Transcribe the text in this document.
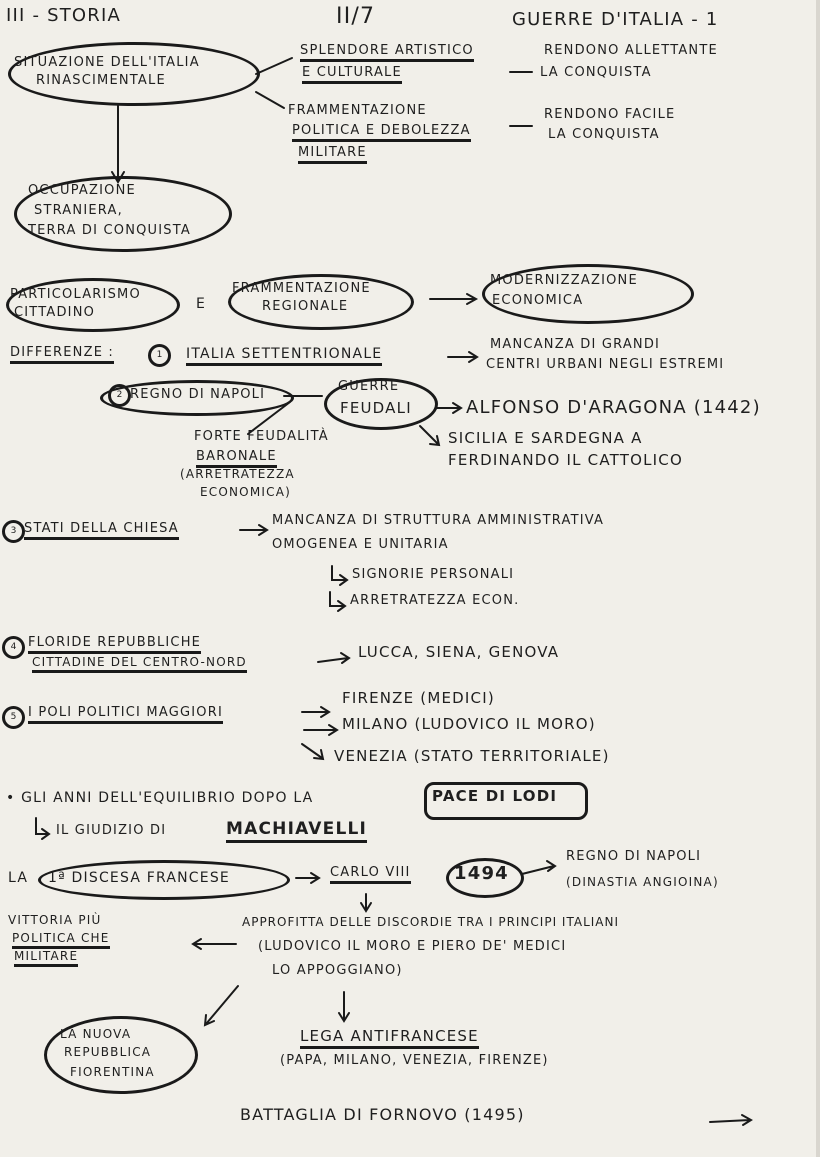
III - STORIA	II/7	GUERRE D'ITALIA - 1
SITUAZIONE DELL'ITALIA
RINASCIMENTALE
SPLENDORE ARTISTICO
E CULTURALE
RENDONO ALLETTANTE
LA CONQUISTA
FRAMMENTAZIONE
POLITICA E DEBOLEZZA
MILITARE
RENDONO FACILE
LA CONQUISTA
OCCUPAZIONE
STRANIERA,
TERRA DI CONQUISTA
PARTICOLARISMO
CITTADINO
E
FRAMMENTAZIONE
REGIONALE
MODERNIZZAZIONE
ECONOMICA
DIFFERENZE :	1	ITALIA SETTENTRIONALE
MANCANZA DI GRANDI
CENTRI URBANI NEGLI ESTREMI
2 REGNO DI NAPOLI
GUERRE
FEUDALI	ALFONSO D'ARAGONA (1442)
FORTE FEUDALITÀ
BARONALE
(ARRETRATEZZA
ECONOMICA)
SICILIA E SARDEGNA A
FERDINANDO IL CATTOLICO
3 STATI DELLA CHIESA
MANCANZA DI STRUTTURA AMMINISTRATIVA
OMOGENEA E UNITARIA
SIGNORIE PERSONALI
ARRETRATEZZA ECON.
4 FLORIDE REPUBBLICHE
CITTADINE DEL CENTRO-NORD
LUCCA, SIENA, GENOVA
5 I POLI POLITICI MAGGIORI
FIRENZE (MEDICI)
MILANO (LUDOVICO IL MORO)
VENEZIA (STATO TERRITORIALE)
• GLI ANNI DELL'EQUILIBRIO DOPO LA	PACE DI LODI
IL GIUDIZIO DI	MACHIAVELLI
LA 1ª DISCESA FRANCESE	CARLO VIII 1494
REGNO DI NAPOLI
(DINASTIA ANGIOINA)
VITTORIA PIÙ
POLITICA CHE
MILITARE
APPROFITTA DELLE DISCORDIE TRA I PRINCIPI ITALIANI
(LUDOVICO IL MORO E PIERO DE' MEDICI
LO APPOGGIANO)
LA NUOVA
REPUBBLICA
FIORENTINA
LEGA ANTIFRANCESE
(PAPA, MILANO, VENEZIA, FIRENZE)
BATTAGLIA DI FORNOVO (1495)
